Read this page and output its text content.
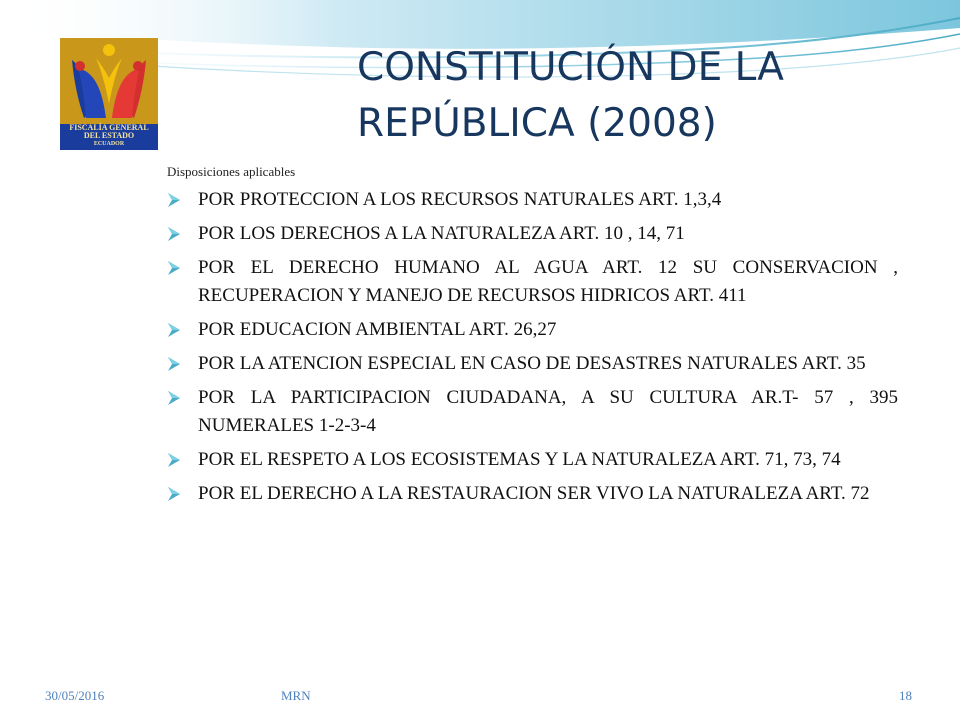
FISCALÍA GENERAL
DEL ESTADO
ECUADOR
CONSTITUCIÓN DE LA
REPÚBLICA (2008)
Disposiciones aplicables
POR PROTECCION A LOS RECURSOS NATURALES ART. 1,3,4
POR LOS DERECHOS A LA NATURALEZA ART. 10 , 14, 71
POR EL DERECHO HUMANO AL AGUA ART. 12 SU CONSERVACION , RECUPERACION Y MANEJO DE RECURSOS HIDRICOS ART. 411
POR EDUCACION AMBIENTAL ART. 26,27
POR LA ATENCION ESPECIAL EN CASO DE DESASTRES NATURALES ART. 35
POR LA PARTICIPACION CIUDADANA, A SU CULTURA AR.T- 57 , 395 NUMERALES 1-2-3-4
POR EL RESPETO A LOS ECOSISTEMAS Y LA NATURALEZA ART. 71, 73, 74
POR EL DERECHO A LA RESTAURACION SER VIVO LA NATURALEZA ART. 72
30/05/2016	MRN	18
